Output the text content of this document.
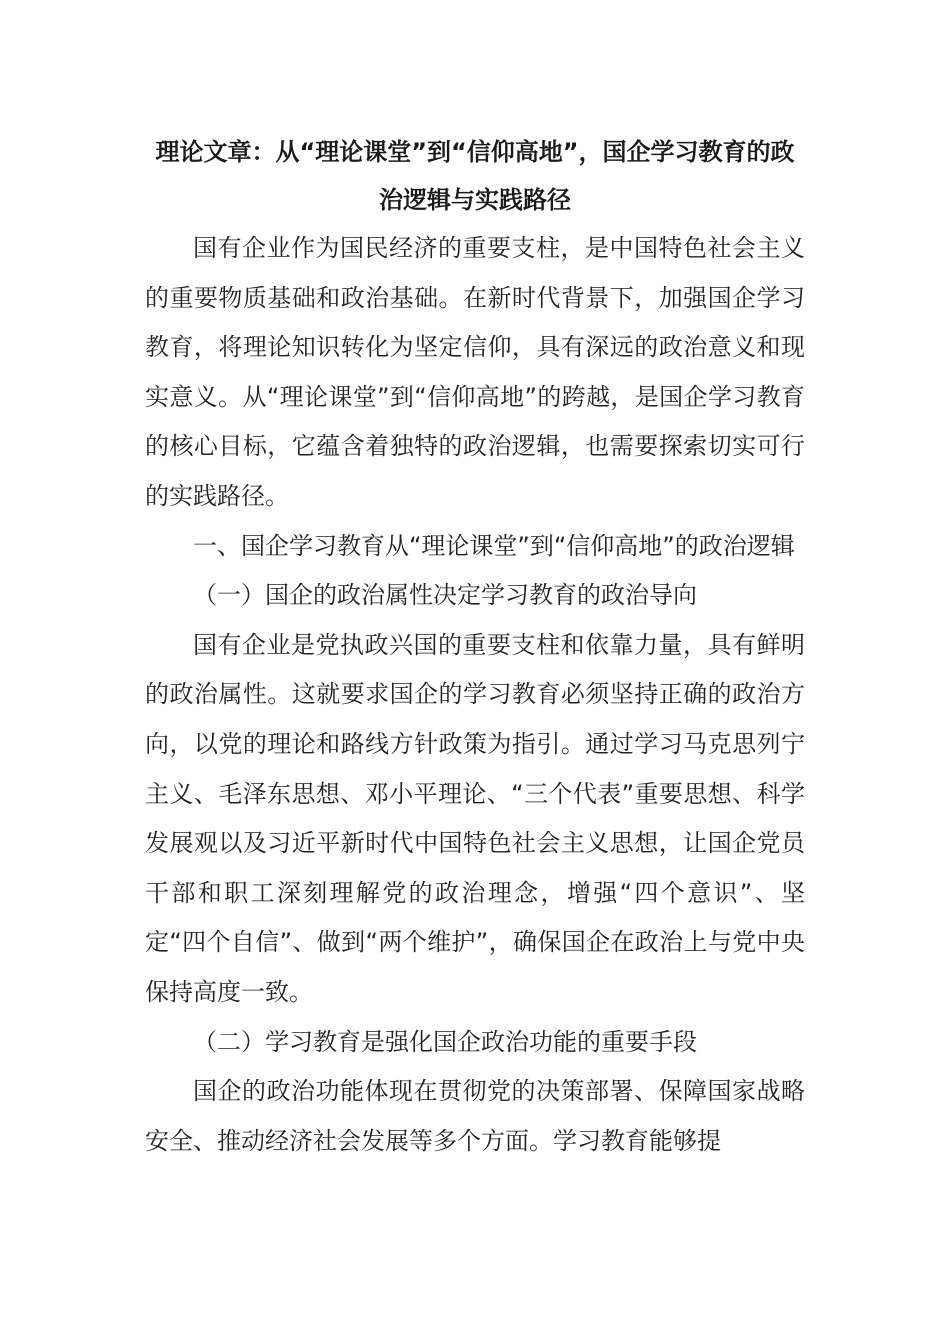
理论文章：从“理论课堂”到“信仰高地”，国企学习教育的政治逻辑与实践路径

国有企业作为国民经济的重要支柱，是中国特色社会主义的重要物质基础和政治基础。在新时代背景下，加强国企学习教育，将理论知识转化为坚定信仰，具有深远的政治意义和现实意义。从“理论课堂”到“信仰高地”的跨越，是国企学习教育的核心目标，它蕴含着独特的政治逻辑，也需要探索切实可行的实践路径。

一、国企学习教育从“理论课堂”到“信仰高地”的政治逻辑

（一）国企的政治属性决定学习教育的政治导向

国有企业是党执政兴国的重要支柱和依靠力量，具有鲜明的政治属性。这就要求国企的学习教育必须坚持正确的政治方向，以党的理论和路线方针政策为指引。通过学习马克思列宁主义、毛泽东思想、邓小平理论、“三个代表”重要思想、科学发展观以及习近平新时代中国特色社会主义思想，让国企党员干部和职工深刻理解党的政治理念，增强“四个意识”、坚定“四个自信”、做到“两个维护”，确保国企在政治上与党中央保持高度一致。

（二）学习教育是强化国企政治功能的重要手段

国企的政治功能体现在贯彻党的决策部署、保障国家战略安全、推动经济社会发展等多个方面。学习教育能够提
